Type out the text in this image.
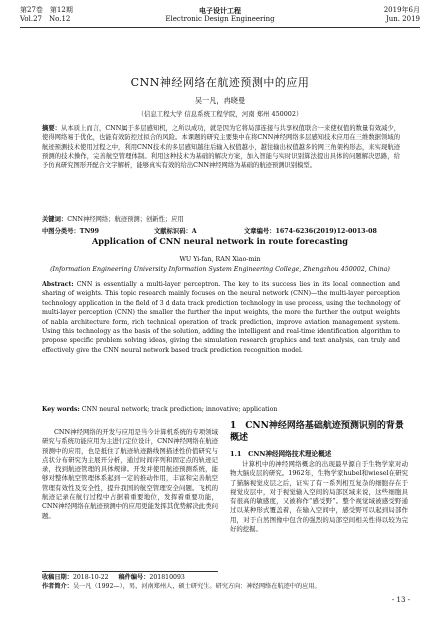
第27卷　第12期
Vol.27　No.12
电子设计工程
Electronic Design Engineering
2019年6月
Jun. 2019
CNN神经网络在航迹预测中的应用
吴一凡，冉晓曼
（信息工程大学 信息系统工程学院，河南 郑州 450002）
摘要：从本质上而言，CNN属于多层感知机，之所以成功，就是因为它将局部连接与共享权值联合一来使权值的数量有效减少，使得网络易于优化，也能有效防控过拟合的风险。本课题的研究主要集中在将CNN神经网络多层感知技术应用在三维数据领域的航迹预测技术使用过程之中，利用CNN技术的多层感知越往后输入权值越小，越往输出权值越多的网三角架构形态，来实现航迹预测的技术操作，完善航空管理体制。利用这种技术为基础的解决方案，加入智能与实时识别算法提出具体的问题解决思路，给予仿真研究图形开配合文字解析，能够真实有效的给出CNN神经网络为基础的航迹预测识别模型。
关键词：CNN神经网络；航迹预测；创新性；应用
中图分类号：TN99	文献标识码：A	文章编号：1674-6236(2019)12-0013-08
Application of CNN neural network in route forecasting
WU Yi-fan, RAN Xiao-min
(Information Engineering University Information System Engineering College, Zhengzhou 450002, China)
Abstract: CNN is essentially a multi-layer perceptron. The key to its success lies in its local connection and sharing of weights. This topic research mainly focuses on the neural network (CNN)—the multi-layer perception technology application in the field of 3 d data track prediction technology in use process, using the technology of multi-layer perception (CNN) the smaller the further the input weights, the more the further the output weights of nabla architecture form, rich technical operation of track prediction, improve aviation management system. Using this technology as the basis of the solution, adding the intelligent and real-time identification algorithm to propose specific problem solving ideas, giving the simulation research graphics and text analysis, can truly and effectively give the CNN neural network based track prediction recognition model.
Key words: CNN neural network; track prediction; innovative; application
CNN神经网络的开发与应用是当今计算机系统的专项领域研究与系统功能应用为主进行定位设计，CNN神经网络在航迹预测中的应用，也是抵住了航迹轨迹路线图描述性价值研究与点状分布研究为主展开分析，通过时间序列和固定点的轨迹记录，找到航迹管理的具体规律。开发并使用航迹预测系统，能够对整体航空管理体系起到一定的推动作用，丰富和完善航空管理有效性及安全性，提升我国的航空管理安全问题。飞机的航迹记录在航行过程中占据着重要地位，发挥着重要功能，CNN神经网络在航迹预测中的应用更能发挥其优势解决此类问题。
1　CNN神经网络基础航迹预测识别的背景概述
1.1　CNN神经网络技术理论概述

计算机中的神经网络概念的出现最早源自于生物学家对动物大脑皮层的研究。1962年，生物学家hubel和wiesel在研究了猫脑视觉皮层之后，证实了有一系列相互复杂的细胞存在于视觉皮层中，对于视觉输入空间的局部区域来说，这些细胞具有很高的敏感度，又被称作“感受野”。整个视觉域被感受野通过以某种形式覆盖着，在输入空间中，感受野可以起到局部作用，对于自然图像中包含的强烈的局部空间相关性得以较为完好的挖掘。

收稿日期：2018-10-22 稿件编号：201810093
作者简介：吴一凡（1992—），男，河南郑州人，硕士研究生。研究方向：神经网络在航迹中的应用。
- 13 -
